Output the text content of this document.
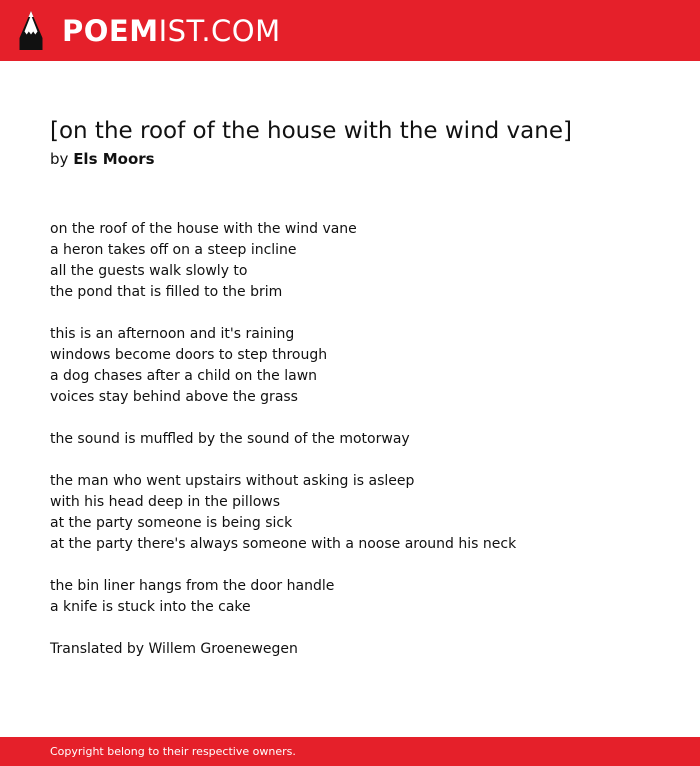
POEMIST.COM
[on the roof of the house with the wind vane]
by Els Moors
on the roof of the house with the wind vane
a heron takes off on a steep incline
all the guests walk slowly to
the pond that is filled to the brim
this is an afternoon and it's raining
windows become doors to step through
a dog chases after a child on the lawn
voices stay behind above the grass
the sound is muffled by the sound of the motorway
the man who went upstairs without asking is asleep
with his head deep in the pillows
at the party someone is being sick
at the party there's always someone with a noose around his neck
the bin liner hangs from the door handle
a knife is stuck into the cake
Translated by Willem Groenewegen
Copyright belong to their respective owners.
